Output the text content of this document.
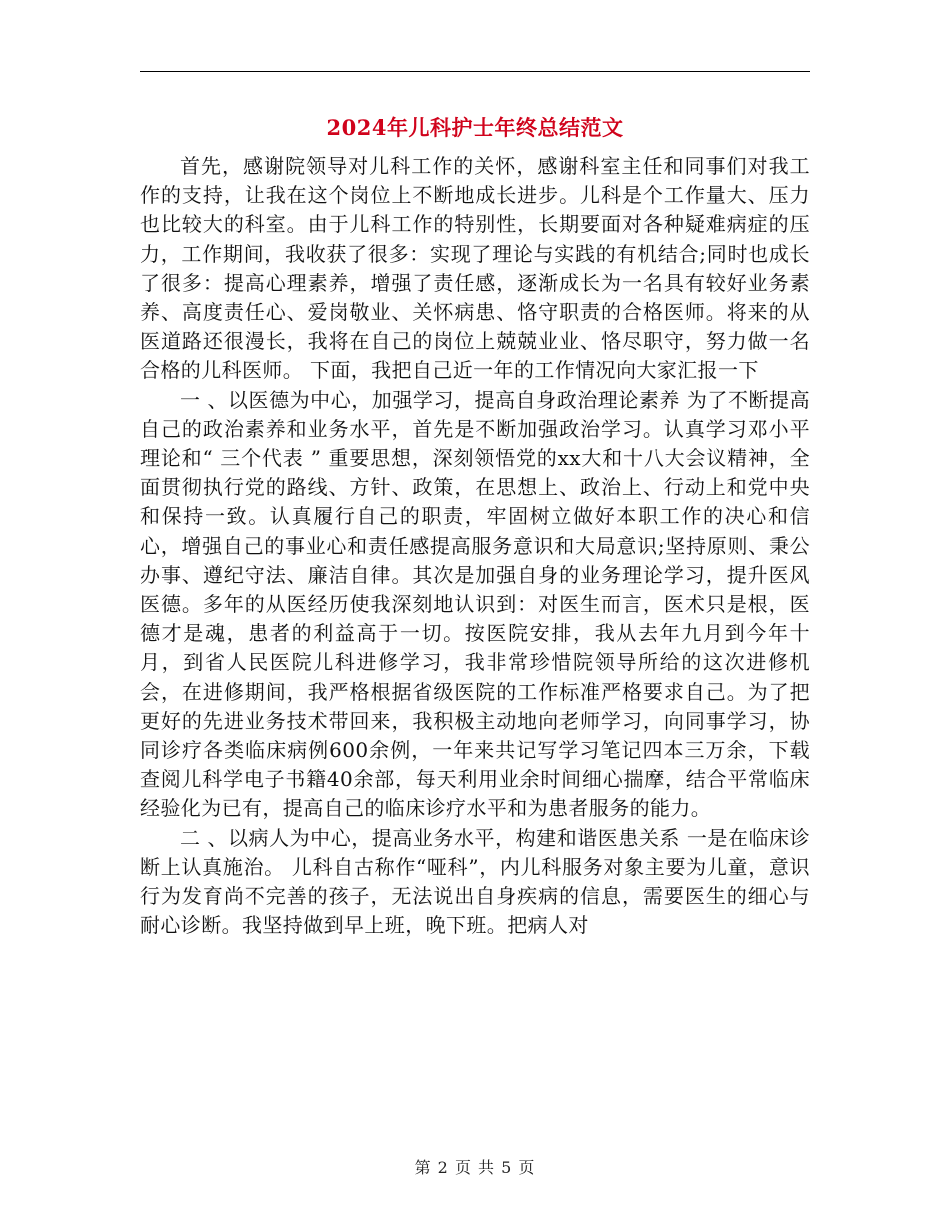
2024年儿科护士年终总结范文

首先，感谢院领导对儿科工作的关怀，感谢科室主任和同事们对我工作的支持，让我在这个岗位上不断地成长进步。儿科是个工作量大、压力也比较大的科室。由于儿科工作的特别性，长期要面对各种疑难病症的压力，工作期间，我收获了很多：实现了理论与实践的有机结合;同时也成长了很多：提高心理素养，增强了责任感，逐渐成长为一名具有较好业务素养、高度责任心、爱岗敬业、关怀病患、恪守职责的合格医师。将来的从医道路还很漫长，我将在自己的岗位上兢兢业业、恪尽职守，努力做一名合格的儿科医师。 下面，我把自己近一年的工作情况向大家汇报一下

一 、以医德为中心，加强学习，提高自身政治理论素养 为了不断提高自己的政治素养和业务水平，首先是不断加强政治学习。认真学习邓小平理论和“ 三个代表 ” 重要思想，深刻领悟党的xx大和十八大会议精神，全面贯彻执行党的路线、方针、政策，在思想上、政治上、行动上和党中央和保持一致。认真履行自己的职责，牢固树立做好本职工作的决心和信心，增强自己的事业心和责任感提高服务意识和大局意识;坚持原则、秉公办事、遵纪守法、廉洁自律。其次是加强自身的业务理论学习，提升医风医德。多年的从医经历使我深刻地认识到：对医生而言，医术只是根，医德才是魂，患者的利益高于一切。按医院安排，我从去年九月到今年十月，到省人民医院儿科进修学习，我非常珍惜院领导所给的这次进修机会，在进修期间，我严格根据省级医院的工作标准严格要求自己。为了把更好的先进业务技术带回来，我积极主动地向老师学习，向同事学习，协同诊疗各类临床病例600余例，一年来共记写学习笔记四本三万余，下载查阅儿科学电子书籍40余部，每天利用业余时间细心揣摩，结合平常临床经验化为已有，提高自己的临床诊疗水平和为患者服务的能力。

二 、以病人为中心，提高业务水平，构建和谐医患关系 一是在临床诊断上认真施治。 儿科自古称作“哑科”，内儿科服务对象主要为儿童，意识行为发育尚不完善的孩子，无法说出自身疾病的信息，需要医生的细心与耐心诊断。我坚持做到早上班，晚下班。把病人对

第 2 页 共 5 页
